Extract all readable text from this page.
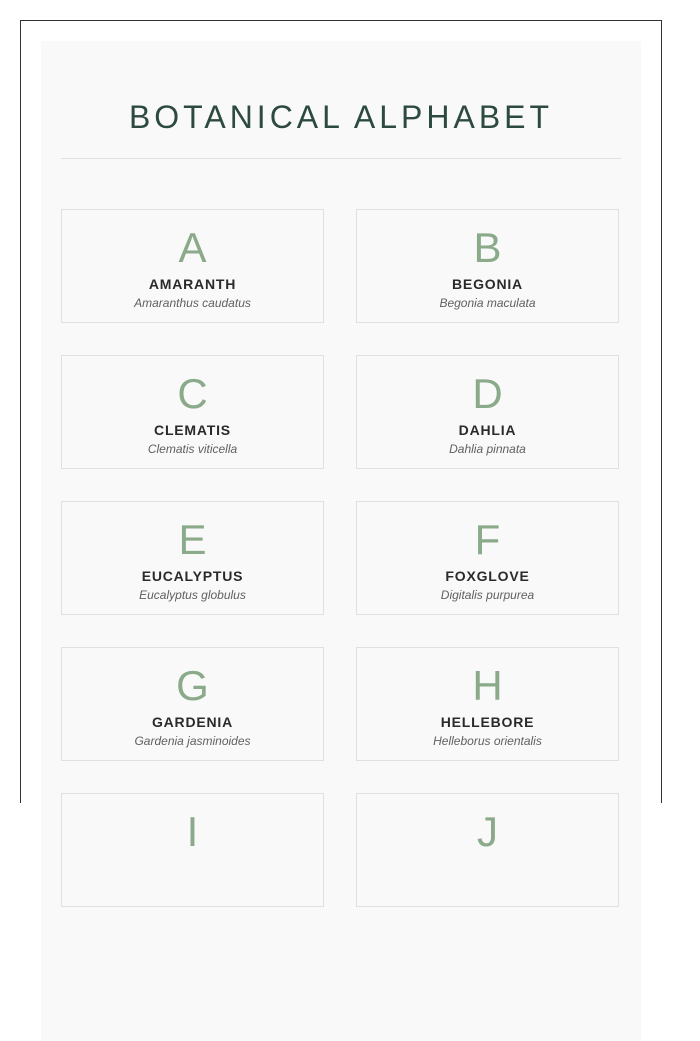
BOTANICAL ALPHABET
A
AMARANTH
Amaranthus caudatus
B
BEGONIA
Begonia maculata
C
CLEMATIS
Clematis viticella
D
DAHLIA
Dahlia pinnata
E
EUCALYPTUS
Eucalyptus globulus
F
FOXGLOVE
Digitalis purpurea
G
GARDENIA
Gardenia jasminoides
H
HELLEBORE
Helleborus orientalis
I	J
